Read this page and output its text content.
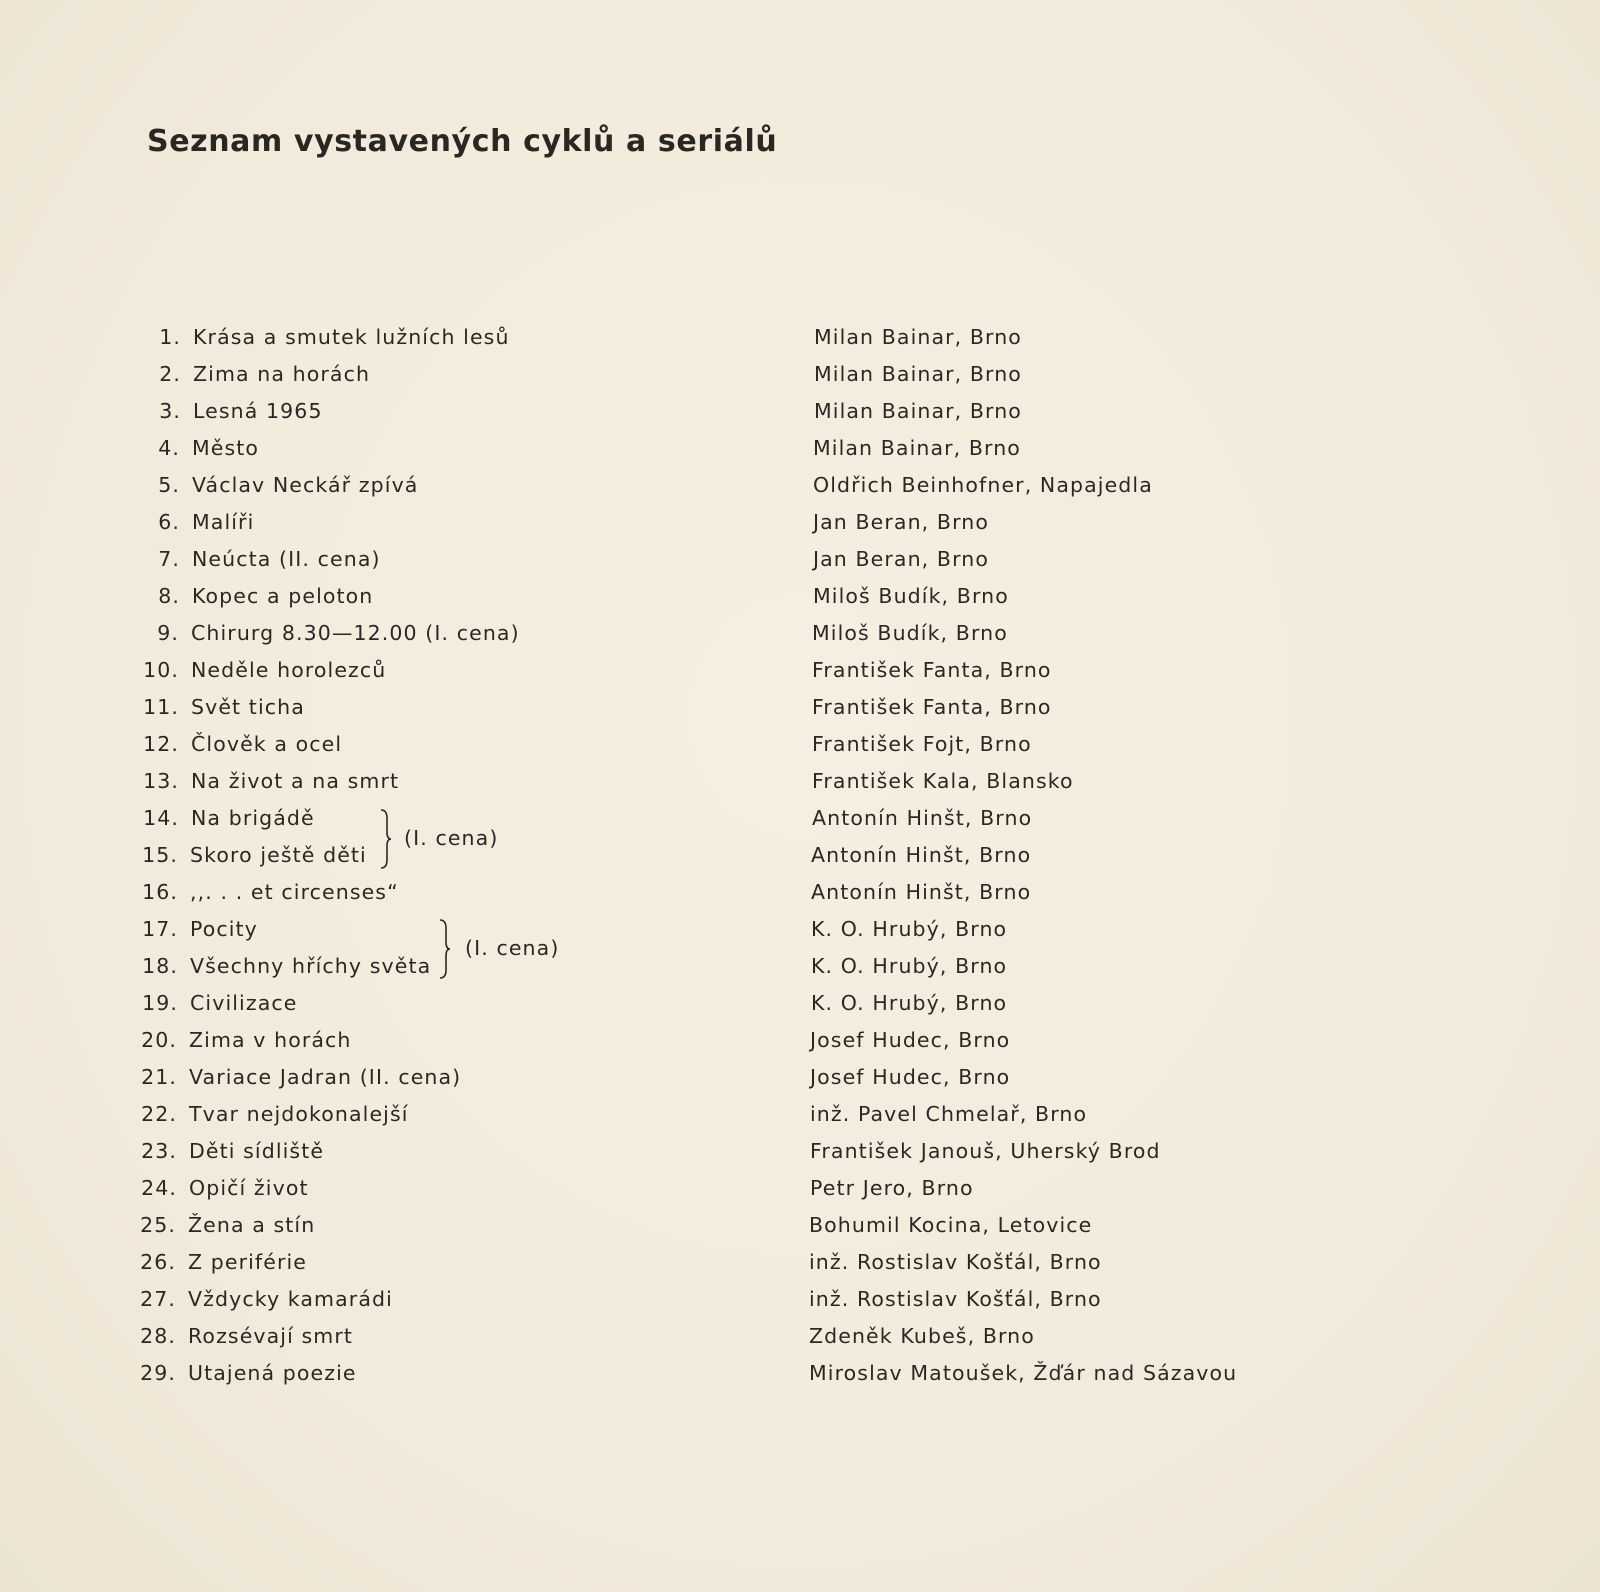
Seznam vystavených cyklů a seriálů
1. Krása a smutek lužních lesů	Milan Bainar, Brno
2. Zima na horách	Milan Bainar, Brno
3. Lesná 1965	Milan Bainar, Brno
4. Město	Milan Bainar, Brno
5. Václav Neckář zpívá	Oldřich Beinhofner, Napajedla
6. Malíři	Jan Beran, Brno
7. Neúcta (II. cena)	Jan Beran, Brno
8. Kopec a peloton	Miloš Budík, Brno
9. Chirurg 8.30—12.00 (I. cena)	Miloš Budík, Brno
10. Neděle horolezců	František Fanta, Brno
11. Svět ticha	František Fanta, Brno
12. Člověk a ocel	František Fojt, Brno
13. Na život a na smrt	František Kala, Blansko
14. Na brigádě	Antonín Hinšt, Brno
15. Skoro ještě děti	Antonín Hinšt, Brno
16. ,,. . . et circenses“	Antonín Hinšt, Brno
17. Pocity	K. O. Hrubý, Brno
18. Všechny hříchy světa	K. O. Hrubý, Brno
19. Civilizace	K. O. Hrubý, Brno
20. Zima v horách	Josef Hudec, Brno
21. Variace Jadran (II. cena)	Josef Hudec, Brno
22. Tvar nejdokonalejší	inž. Pavel Chmelař, Brno
23. Děti sídliště	František Janouš, Uherský Brod
24. Opičí život	Petr Jero, Brno
25. Žena a stín	Bohumil Kocina, Letovice
26. Z periférie	inž. Rostislav Košťál, Brno
27. Vždycky kamarádi	inž. Rostislav Košťál, Brno
28. Rozsévají smrt	Zdeněk Kubeš, Brno
29. Utajená poezie	Miroslav Matoušek, Žďár nad Sázavou
(I. cena)
(I. cena)
